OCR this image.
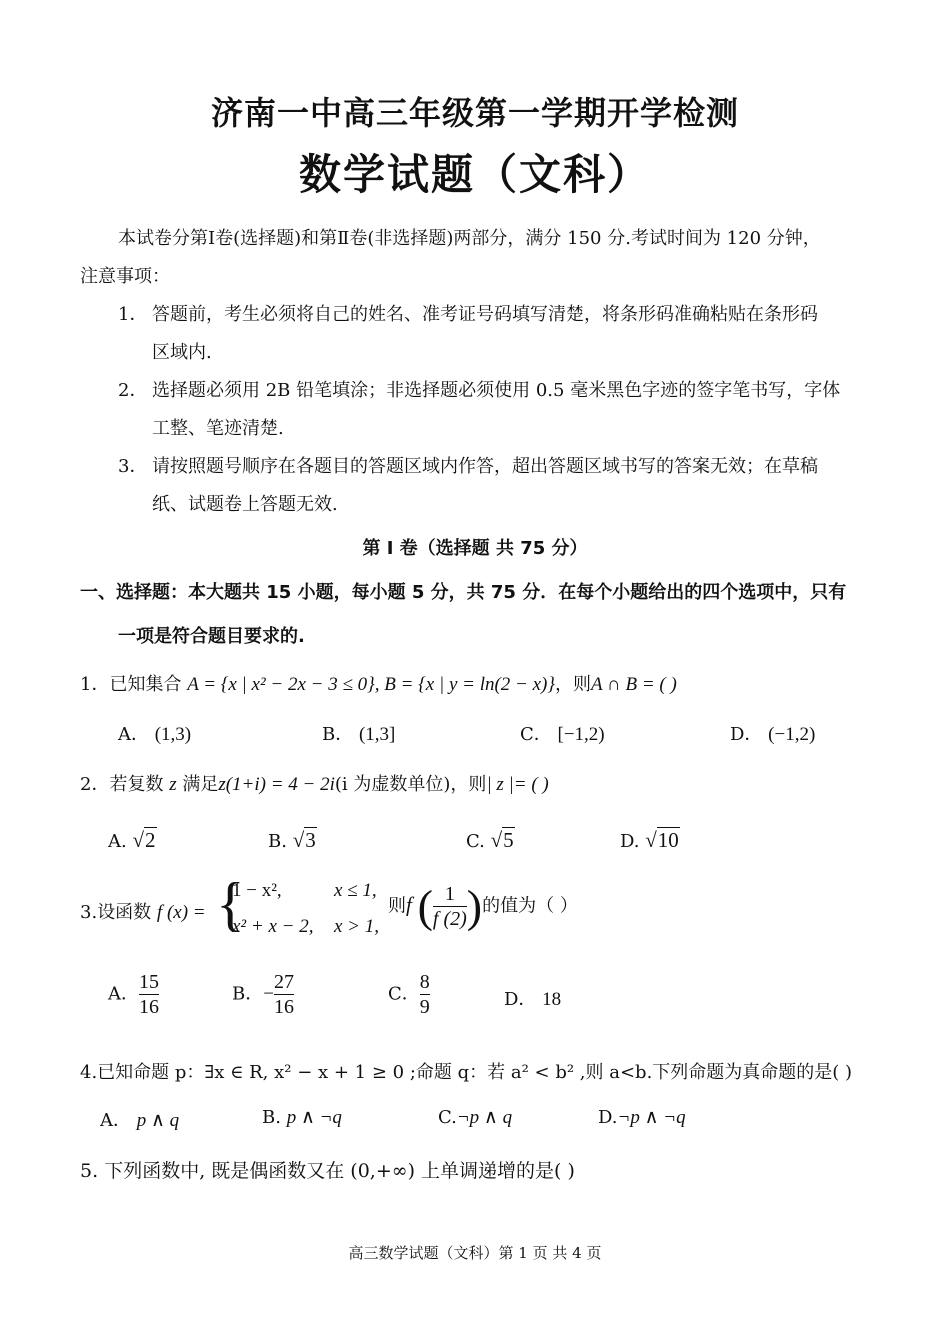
济南一中高三年级第一学期开学检测
数学试题（文科）
本试卷分第Ⅰ卷(选择题)和第Ⅱ卷(非选择题)两部分，满分 150 分.考试时间为 120 分钟，
注意事项：
1． 答题前，考生必须将自己的姓名、准考证号码填写清楚，将条形码准确粘贴在条形码
区域内.
2． 选择题必须用 2B 铅笔填涂；非选择题必须使用 0.5 毫米黑色字迹的签字笔书写，字体
工整、笔迹清楚.
3． 请按照题号顺序在各题目的答题区域内作答，超出答题区域书写的答案无效；在草稿
纸、试题卷上答题无效.
第 I 卷（选择题 共 75 分）
一、选择题：本大题共 15 小题，每小题 5 分，共 75 分．在每个小题给出的四个选项中，只有
一项是符合题目要求的.
1．已知集合 A = {x | x² − 2x − 3 ≤ 0}, B = {x | y = ln(2 − x)}，则A ∩ B = ( )
A． (1,3)	B． (1,3]	C． [−1,2)	D． (−1,2)
2．若复数 z 满足z(1+i) = 4 − 2i(i 为虚数单位)，则| z |= ( )
A. √2	B. √3	C. √5	D. √10
3.设函数 f (x) = {
1 − x²,	x ≤ 1,
x² + x − 2, x > 1,
则f ( $\frac{1}{f (2)}$ )的值为（ ）
A． $\frac{15}{16}$	B．− $\frac{27}{16}$	C． $\frac{8}{9}$	D． 18
4.已知命题 p：∃x ∈ R, x² − x + 1 ≥ 0 ;命题 q：若 a² < b² ,则 a<b.下列命题为真命题的是( )
A． p ∧ q	B. p ∧ ¬q	C.¬p ∧ q	D.¬p ∧ ¬q
5. 下列函数中, 既是偶函数又在 (0,+∞) 上单调递增的是( )
高三数学试题（文科）第 1 页 共 4 页
